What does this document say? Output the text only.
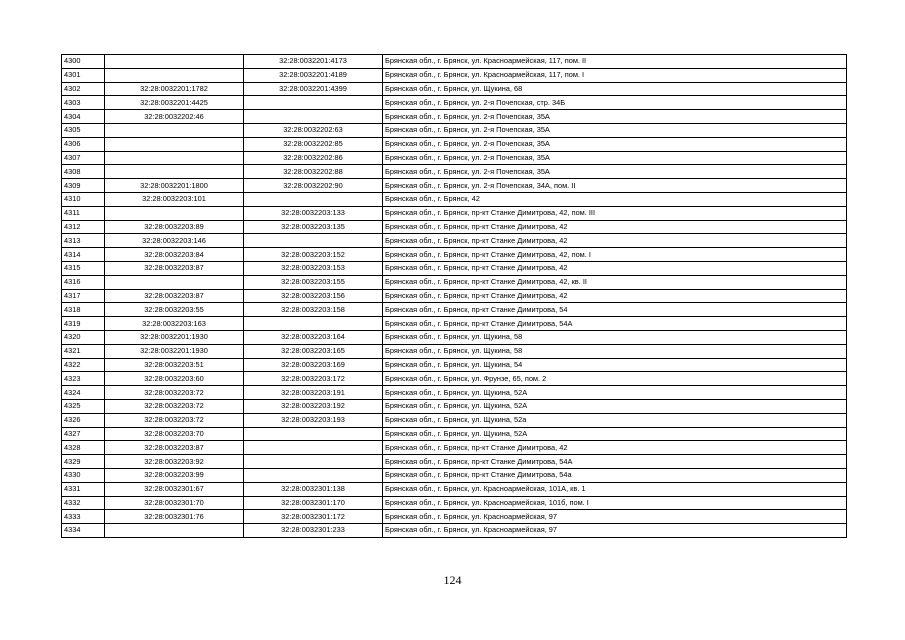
4300		32:28:0032201:4173	Брянская обл., г. Брянск, ул. Красноармейская, 117, пом. II
4301		32:28:0032201:4189	Брянская обл., г. Брянск, ул. Красноармейская, 117, пом. I
4302	32:28:0032201:1782	32:28:0032201:4399	Брянская обл., г. Брянск, ул. Щукина, 68
4303	32:28:0032201:4425		Брянская обл., г. Брянск, ул. 2-я Почепская, стр. 34Б
4304	32:28:0032202:46		Брянская обл., г. Брянск, ул. 2-я Почепская, 35А
4305		32:28:0032202:63	Брянская обл., г. Брянск, ул. 2-я Почепская, 35А
4306		32:28:0032202:85	Брянская обл., г. Брянск, ул. 2-я Почепская, 35А
4307		32:28:0032202:86	Брянская обл., г. Брянск, ул. 2-я Почепская, 35А
4308		32:28:0032202:88	Брянская обл., г. Брянск, ул. 2-я Почепская, 35А
4309	32:28:0032201:1800	32:28:0032202:90	Брянская обл., г. Брянск, ул. 2-я Почепская, 34А, пом. II
4310	32:28:0032203:101		Брянская обл., г. Брянск, 42
4311		32:28:0032203:133	Брянская обл., г. Брянск, пр-кт Станке Димитрова, 42, пом. III
4312	32:28:0032203:89	32:28:0032203:135	Брянская обл., г. Брянск, пр-кт Станке Димитрова, 42
4313	32:28:0032203:146		Брянская обл., г. Брянск, пр-кт Станке Димитрова, 42
4314	32:28:0032203:84	32:28:0032203:152	Брянская обл., г. Брянск, пр-кт Станке Димитрова, 42, пом. I
4315	32:28:0032203:87	32:28:0032203:153	Брянская обл., г. Брянск, пр-кт Станке Димитрова, 42
4316		32:28:0032203:155	Брянская обл., г. Брянск, пр-кт Станке Димитрова, 42, кв. II
4317	32:28:0032203:87	32:28:0032203:156	Брянская обл., г. Брянск, пр-кт Станке Димитрова, 42
4318	32:28:0032203:55	32:28:0032203:158	Брянская обл., г. Брянск, пр-кт Станке Димитрова, 54
4319	32:28:0032203:163		Брянская обл., г. Брянск, пр-кт Станке Димитрова, 54А
4320	32:28:0032201:1930	32:28:0032203:164	Брянская обл., г. Брянск, ул. Щукина, 58
4321	32:28:0032201:1930	32:28:0032203:165	Брянская обл., г. Брянск, ул. Щукина, 58
4322	32:28:0032203:51	32:28:0032203:169	Брянская обл., г. Брянск, ул. Щукина, 54
4323	32:28:0032203:60	32:28:0032203:172	Брянская обл., г. Брянск, ул. Фрунзе, 65, пом. 2
4324	32:28:0032203:72	32:28:0032203:191	Брянская обл., г. Брянск, ул. Щукина, 52А
4325	32:28:0032203:72	32:28:0032203:192	Брянская обл., г. Брянск, ул. Щукина, 52А
4326	32:28:0032203:72	32:28:0032203:193	Брянская обл., г. Брянск, ул. Щукина, 52а
4327	32:28:0032203:70		Брянская обл., г. Брянск, ул. Щукина, 52А
4328	32:28:0032203:87		Брянская обл., г. Брянск, пр-кт Станке Димитрова, 42
4329	32:28:0032203:92		Брянская обл., г. Брянск, пр-кт Станке Димитрова, 54А
4330	32:28:0032203:99		Брянская обл., г. Брянск, пр-кт Станке Димитрова, 54а
4331	32:28:0032301:67	32:28:0032301:138	Брянская обл., г. Брянск, ул. Красноармейская, 101А, кв. 1
4332	32:28:0032301:70	32:28:0032301:170	Брянская обл., г. Брянск, ул. Красноармейская, 101б, пом. I
4333	32:28:0032301:76	32:28:0032301:172	Брянская обл., г. Брянск, ул. Красноармейская, 97
4334		32:28:0032301:233	Брянская обл., г. Брянск, ул. Красноармейская, 97
124
